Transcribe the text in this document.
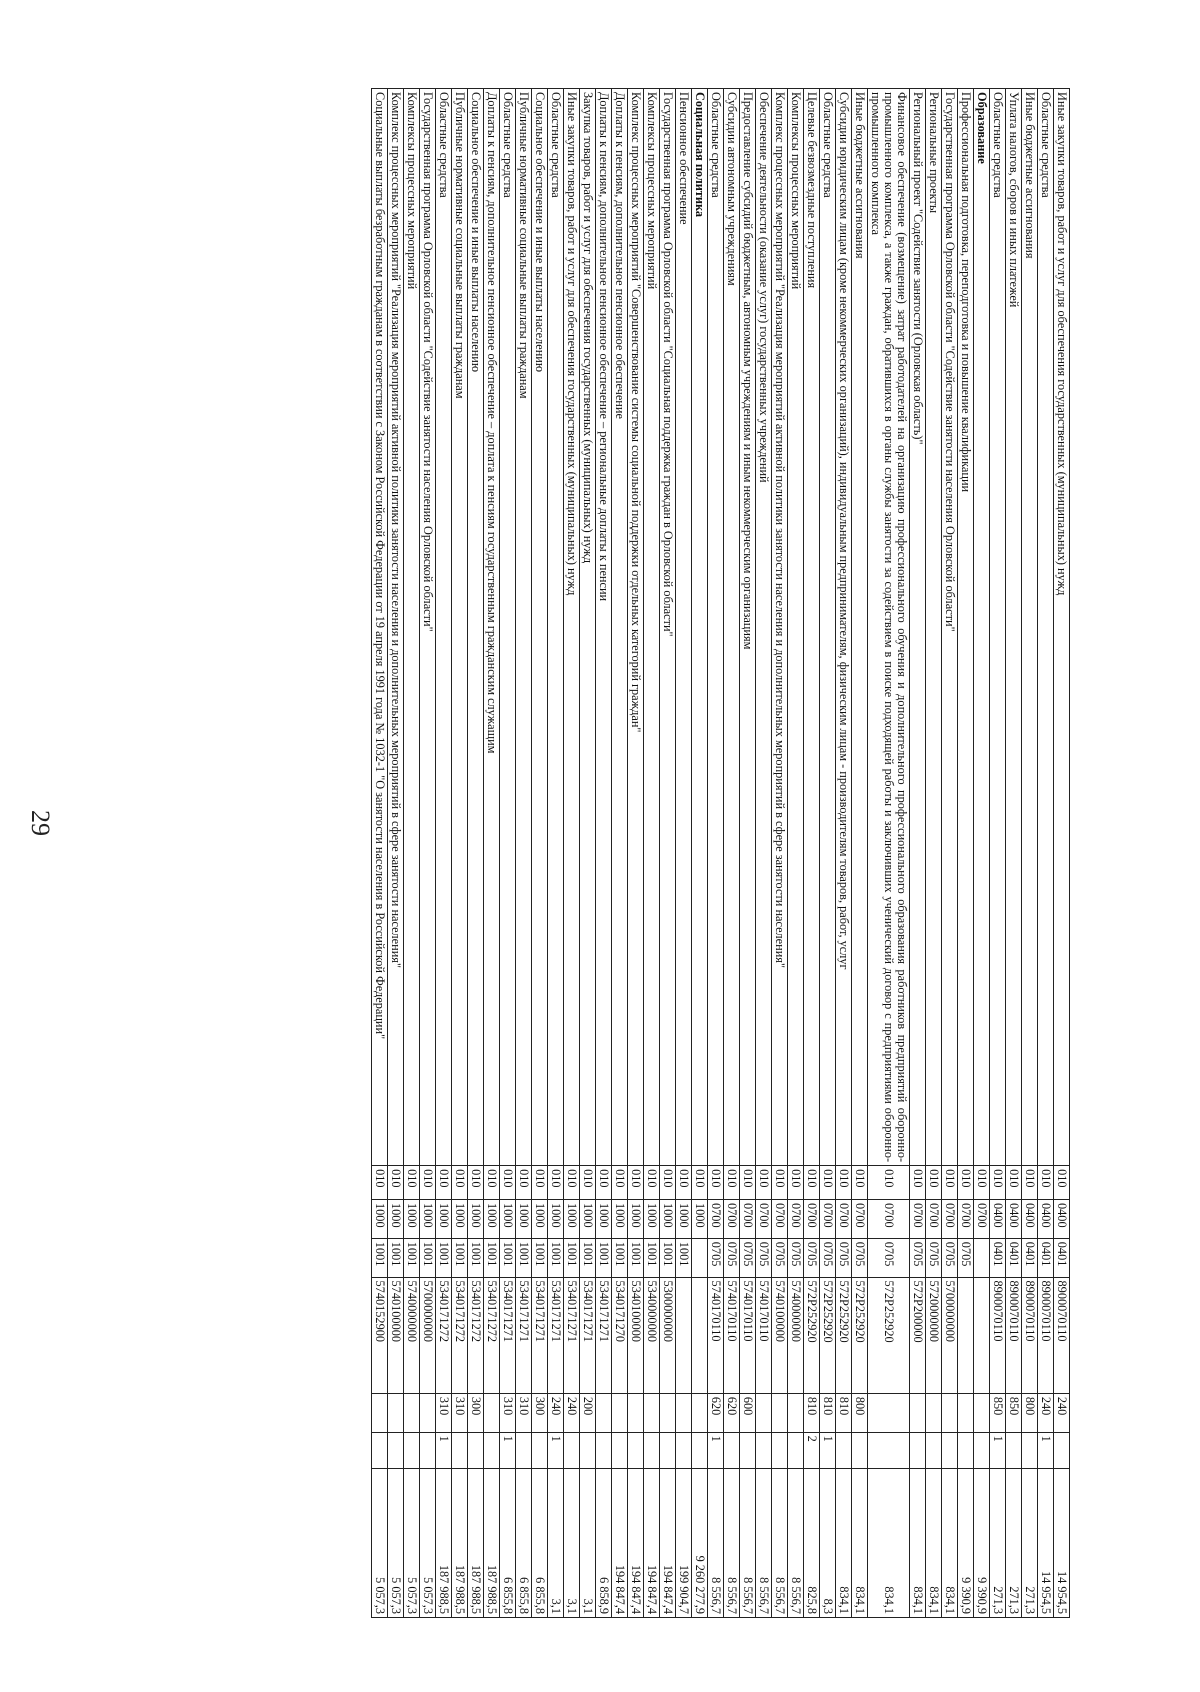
29
Иные закупки товаров, работ и услуг для обеспечения государственных (муниципальных) нужд	010	0400	0401	8900070110	240		14 954,5
Областные средства	010	0400	0401	8900070110	240	1	14 954,5
Иные бюджетные ассигнования	010	0400	0401	8900070110	800		271,3
Уплата налогов, сборов и иных платежей	010	0400	0401	8900070110	850		271,3
Областные средства	010	0400	0401	8900070110	850	1	271,3
Образование	010	0700					9 390,9
Профессиональная подготовка, переподготовка и повышение квалификации	010	0700	0705				9 390,9
Государственная программа Орловской области "Содействие занятости населения Орловской области"	010	0700	0705	5700000000			834,1
Региональные проекты	010	0700	0705	5720000000			834,1
Региональный проект "Содействие занятости (Орловская область)"	010	0700	0705	572P200000			834,1
Финансовое обеспечение (возмещение) затрат работодателей на организацию профессионального обучения и дополнительного профессионального образования работников предприятий оборонно-промышленного комплекса, а также граждан, обратившихся в органы службы занятости за содействием в поиске подходящей работы и заключивших ученический договор с предприятиями оборонно-промышленного комплекса	010	0700	0705	572P252920			834,1
Иные бюджетные ассигнования	010	0700	0705	572P252920	800		834,1
Субсидии юридическим лицам (кроме некоммерческих организаций), индивидуальным предпринимателям, физическим лицам - производителям товаров, работ, услуг	010	0700	0705	572P252920	810		834,1
Областные средства	010	0700	0705	572P252920	810	1	8,3
Целевые безвозмездные поступления	010	0700	0705	572P252920	810	2	825,8
Комплексы процессных мероприятий	010	0700	0705	5740000000			8 556,7
Комплекс процессных мероприятий "Реализация мероприятий активной политики занятости населения и дополнительных мероприятий в сфере занятости населения"	010	0700	0705	5740100000			8 556,7
Обеспечение деятельности (оказание услуг) государственных учреждений	010	0700	0705	5740170110			8 556,7
Предоставление субсидий бюджетным, автономным учреждениям и иным некоммерческим организациям	010	0700	0705	5740170110	600		8 556,7
Субсидии автономным учреждениям	010	0700	0705	5740170110	620		8 556,7
Областные средства	010	0700	0705	5740170110	620	1	8 556,7
Социальная политика	010	1000					9 260 277,9
Пенсионное обеспечение	010	1000	1001				199 904,7
Государственная программа Орловской области "Социальная поддержка граждан в Орловской области"	010	1000	1001	5300000000			194 847,4
Комплексы процессных мероприятий	010	1000	1001	5340000000			194 847,4
Комплекс процессных мероприятий "Совершенствование системы социальной поддержки отдельных категорий граждан"	010	1000	1001	5340100000			194 847,4
Доплаты к пенсиям, дополнительное пенсионное обеспечение	010	1000	1001	5340171270			194 847,4
Доплаты к пенсиям, дополнительное пенсионное обеспечение – региональные доплаты к пенсии	010	1000	1001	5340171271			6 858,9
Закупка товаров, работ и услуг для обеспечения государственных (муниципальных) нужд	010	1000	1001	5340171271	200		3,1
Иные закупки товаров, работ и услуг для обеспечения государственных (муниципальных) нужд	010	1000	1001	5340171271	240		3,1
Областные средства	010	1000	1001	5340171271	240	1	3,1
Социальное обеспечение и иные выплаты населению	010	1000	1001	5340171271	300		6 855,8
Публичные нормативные социальные выплаты гражданам	010	1000	1001	5340171271	310		6 855,8
Областные средства	010	1000	1001	5340171271	310	1	6 855,8
Доплаты к пенсиям, дополнительное пенсионное обеспечение – доплата к пенсиям государственным гражданским служащим	010	1000	1001	5340171272			187 988,5
Социальное обеспечение и иные выплаты населению	010	1000	1001	5340171272	300		187 988,5
Публичные нормативные социальные выплаты гражданам	010	1000	1001	5340171272	310		187 988,5
Областные средства	010	1000	1001	5340171272	310	1	187 988,5
Государственная программа Орловской области "Содействие занятости населения Орловской области"	010	1000	1001	5700000000			5 057,3
Комплексы процессных мероприятий	010	1000	1001	5740000000			5 057,3
Комплекс процессных мероприятий "Реализация мероприятий активной политики занятости населения и дополнительных мероприятий в сфере занятости населения"	010	1000	1001	5740100000			5 057,3
Социальные выплаты безработным гражданам в соответствии с Законом Российской Федерации от 19 апреля 1991 года № 1032-1 "О занятости населения в Российской Федерации"	010	1000	1001	5740152900			5 057,3
